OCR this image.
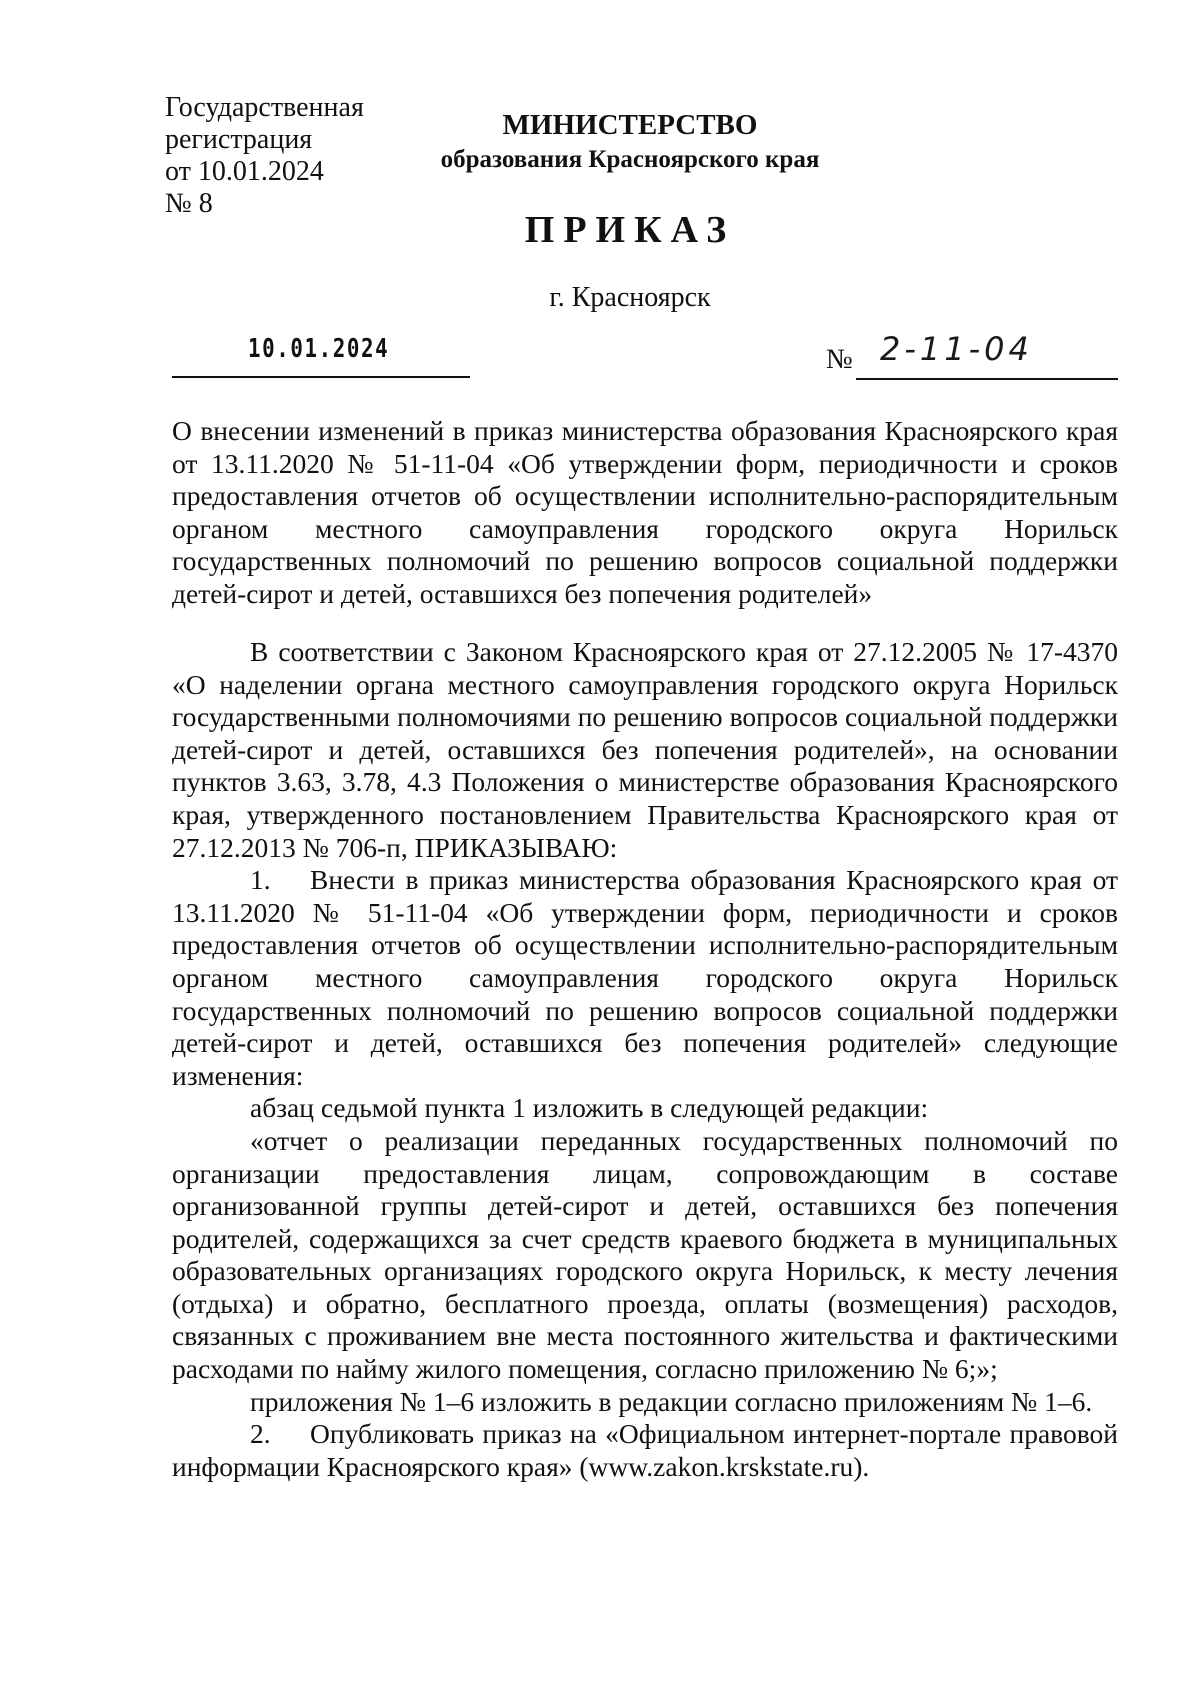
Государственная
регистрация
от 10.01.2024
№ 8
МИНИСТЕРСТВО
образования Красноярского края
ПРИКАЗ
г. Красноярск
10.01.2024	№ 2-11-04

О внесении изменений в приказ министерства образования Красноярского края от 13.11.2020 № 51-11-04 «Об утверждении форм, периодичности и сроков предоставления отчетов об осуществлении исполнительно-распорядительным органом местного самоуправления городского округа Норильск государственных полномочий по решению вопросов социальной поддержки детей-сирот и детей, оставшихся без попечения родителей»

В соответствии с Законом Красноярского края от 27.12.2005 № 17-4370 «О наделении органа местного самоуправления городского округа Норильск государственными полномочиями по решению вопросов социальной поддержки детей-сирот и детей, оставшихся без попечения родителей», на основании пунктов 3.63, 3.78, 4.3 Положения о министерстве образования Красноярского края, утвержденного постановлением Правительства Красноярского края от 27.12.2013 № 706-п, ПРИКАЗЫВАЮ:

1. Внести в приказ министерства образования Красноярского края от 13.11.2020 № 51-11-04 «Об утверждении форм, периодичности и сроков предоставления отчетов об осуществлении исполнительно-распорядительным органом местного самоуправления городского округа Норильск государственных полномочий по решению вопросов социальной поддержки детей-сирот и детей, оставшихся без попечения родителей» следующие изменения:

абзац седьмой пункта 1 изложить в следующей редакции:

«отчет о реализации переданных государственных полномочий по организации предоставления лицам, сопровождающим в составе организованной группы детей-сирот и детей, оставшихся без попечения родителей, содержащихся за счет средств краевого бюджета в муниципальных образовательных организациях городского округа Норильск, к месту лечения (отдыха) и обратно, бесплатного проезда, оплаты (возмещения) расходов, связанных с проживанием вне места постоянного жительства и фактическими расходами по найму жилого помещения, согласно приложению № 6;»;

приложения № 1–6 изложить в редакции согласно приложениям № 1–6.

2. Опубликовать приказ на «Официальном интернет-портале правовой информации Красноярского края» (www.zakon.krskstate.ru).
